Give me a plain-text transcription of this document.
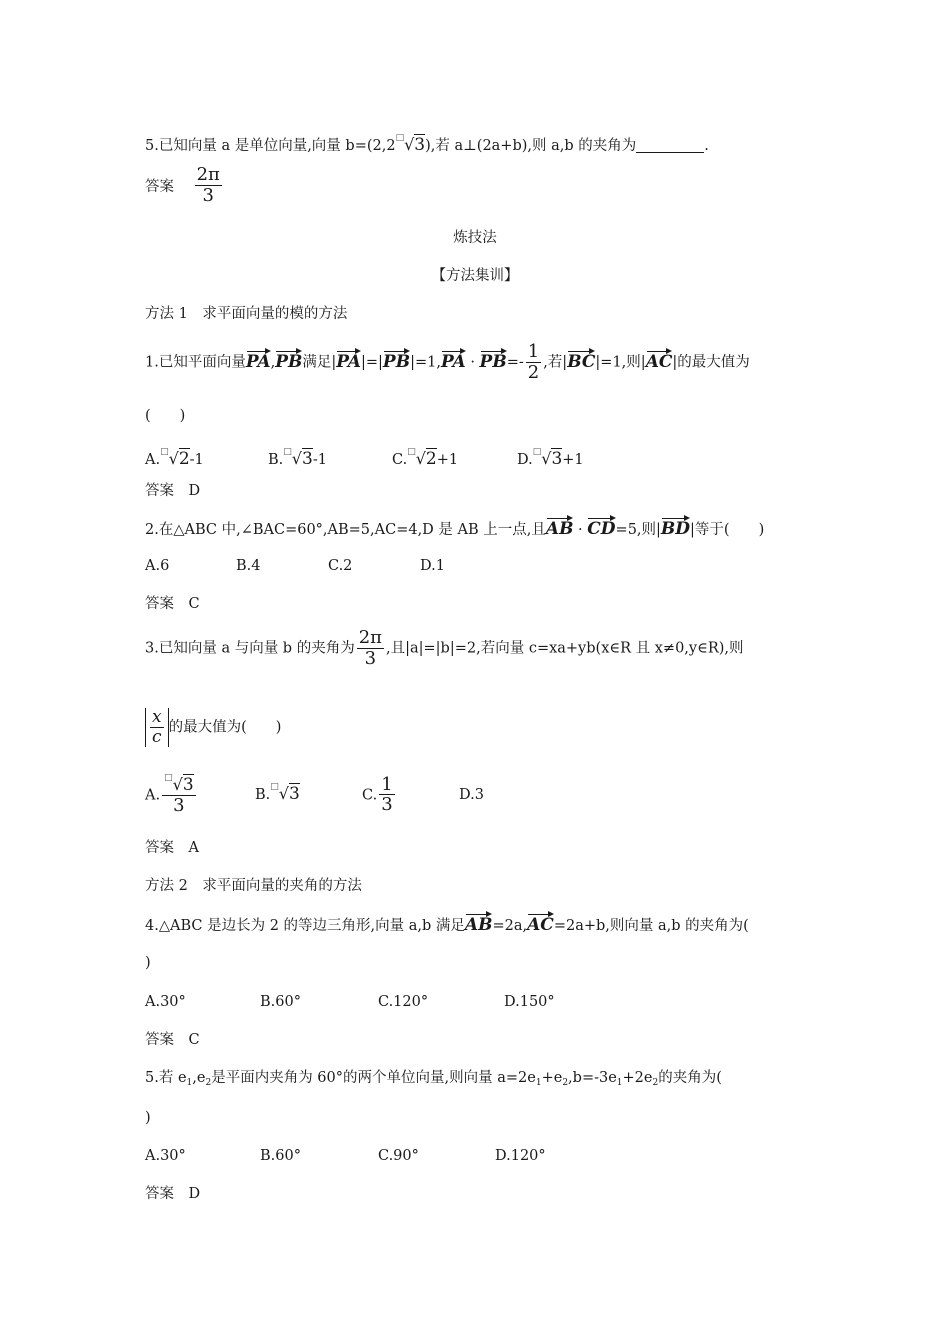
5.已知向量 a 是单位向量,向量 b=(2,2□√3),若 a⊥(2a+b),则 a,b 的夹角为	.
答案 $\frac{2\pi}{3}$
炼技法
【方法集训】
方法 1　求平面向量的模的方法
1.已知平面向量PA,PB满足$|PA|=|PB|=1,PA \cdot PB=- \frac{1}{2}$ ,若|BC|=1,则|AC|的最大值为
(　　)
A.□√2-1	B.□√3-1	C.□√2+1	D.□√3+1
答案　D
2.在△ABC 中,∠BAC=60°,AB=5,AC=4,D 是 AB 上一点,且AB · CD=5,则|BD|等于(　　)
A.6	B.4	C.2	D.1
答案　C
3.已知向量 a 与向量 b 的夹角为 $\frac{2\pi}{3}$ ,且|a|=|b|=2,若向量 c=xa+yb(x∈R 且 x≠0,y∈R),则
$\frac{x}{c}$ 的最大值为(　　)
A. $\frac{^□√3}{3}$	B.□√3	C. $\frac{1}{3}$	D.3
答案　A
方法 2　求平面向量的夹角的方法
4.△ABC 是边长为 2 的等边三角形,向量 a,b 满足AB=2a,AC=2a+b,则向量 a,b 的夹角为(
)
A.30°	B.60°	C.120°	D.150°
答案　C
5.若 $e_1,e_2$是平面内夹角为 60°的两个单位向量,则向量 $a=2e_1+e_2,b=-3e_1+2e_2$的夹角为(
)
A.30°	B.60°	C.90°	D.120°
答案　D
